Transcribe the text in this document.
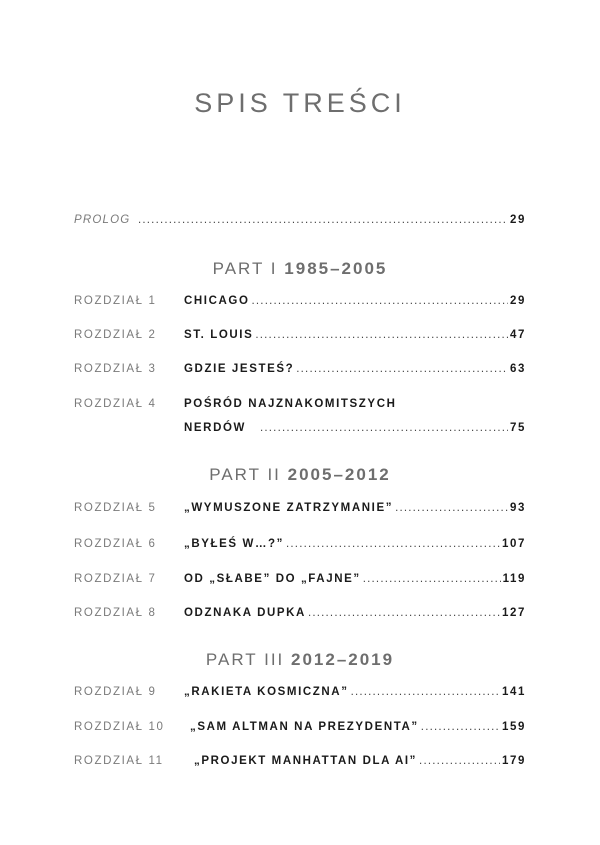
SPIS TREŚCI
PROLOG .....	29
PART I 1985–2005
ROZDZIAŁ 1 CHICAGO .....	29
ROZDZIAŁ 2 ST. LOUIS .....	47
ROZDZIAŁ 3 GDZIE JESTEŚ? .....	63
ROZDZIAŁ 4 POŚRÓD NAJZNAKOMITSZYCH
NERDÓW .....	75
PART II 2005–2012
ROZDZIAŁ 5 „WYMUSZONE ZATRZYMANIE” .....	93
ROZDZIAŁ 6 „BYŁEŚ W…?” .....	107
ROZDZIAŁ 7 OD „SŁABE” DO „FAJNE” .....	119
ROZDZIAŁ 8 ODZNAKA DUPKA .....	127
PART III 2012–2019
ROZDZIAŁ 9 „RAKIETA KOSMICZNA” .....	141
ROZDZIAŁ 10 „SAM ALTMAN NA PREZYDENTA” .....	159
ROZDZIAŁ 11	„PROJEKT MANHATTAN DLA AI” .....	179
